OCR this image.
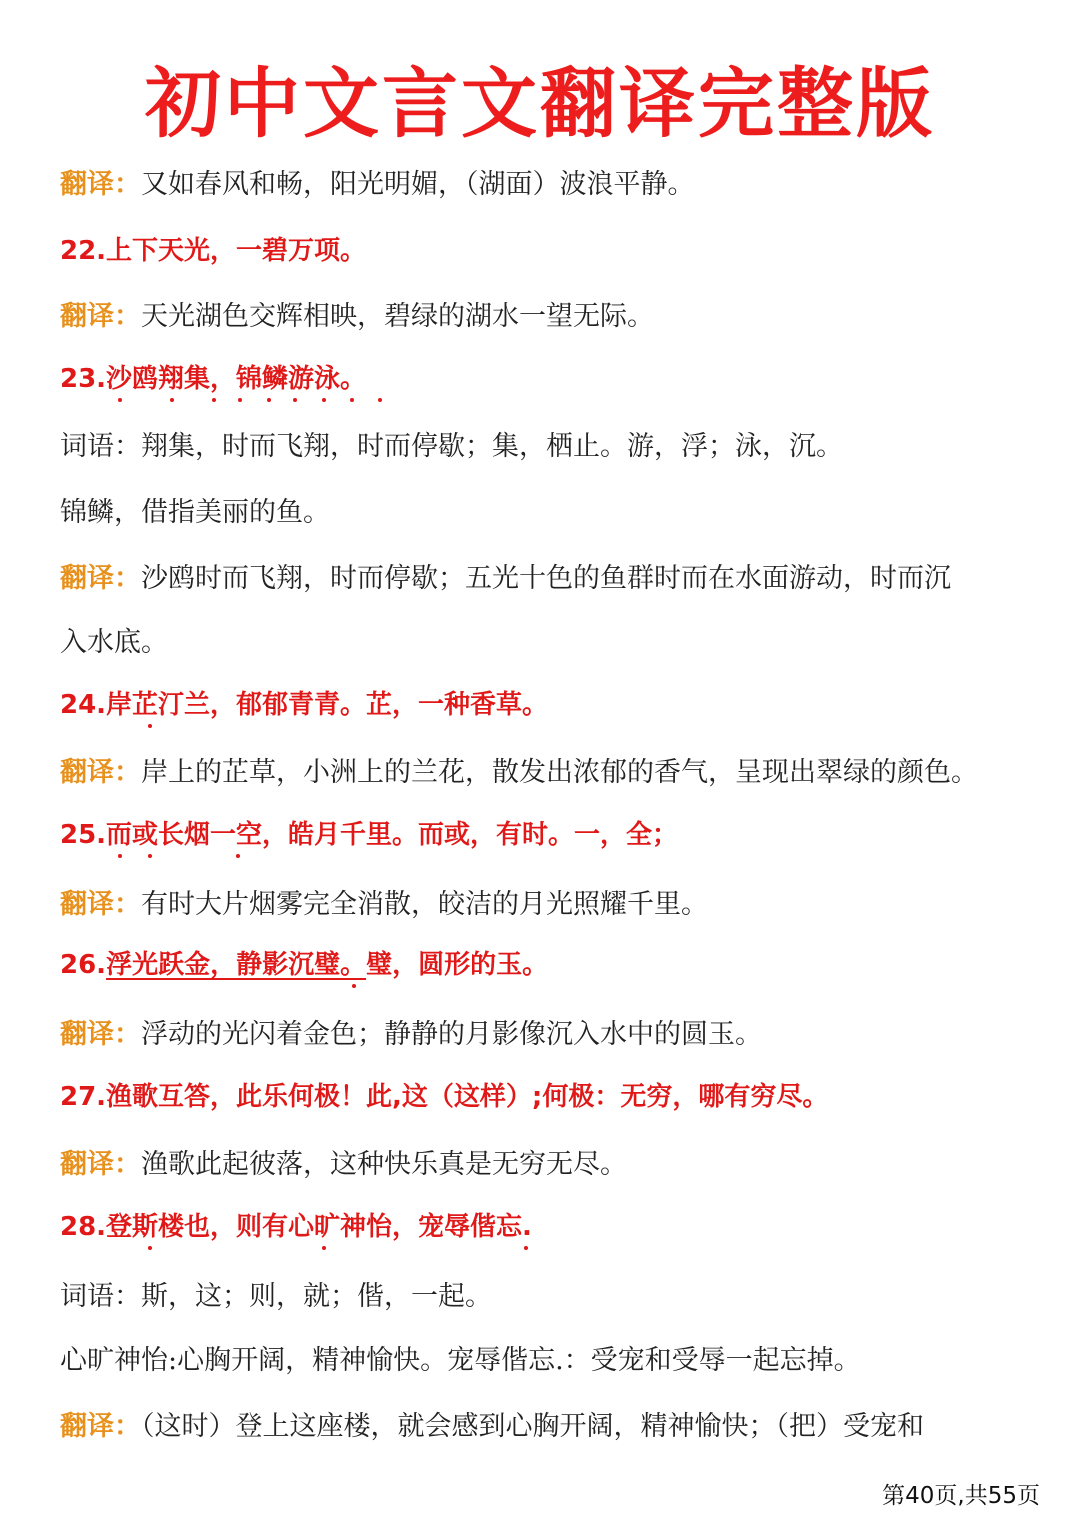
初中文言文翻译完整版
翻译：又如春风和畅，阳光明媚，（湖面）波浪平静。
22.上下天光，一碧万项。
翻译：天光湖色交辉相映，碧绿的湖水一望无际。
23.沙鸥翔集，锦鳞游泳。
词语：翔集，时而飞翔，时而停歇；集，栖止。游，浮；泳，沉。
锦鳞，借指美丽的鱼。
翻译：沙鸥时而飞翔，时而停歇；五光十色的鱼群时而在水面游动，时而沉
入水底。
24.岸芷汀兰，郁郁青青。芷，一种香草。
翻译：岸上的芷草，小洲上的兰花，散发出浓郁的香气，呈现出翠绿的颜色。
25.而或长烟一空，皓月千里。而或，有时。一，全；
翻译：有时大片烟雾完全消散，皎洁的月光照耀千里。
26.浮光跃金，静影沉璧。璧，圆形的玉。
翻译：浮动的光闪着金色；静静的月影像沉入水中的圆玉。
27.渔歌互答，此乐何极！此,这（这样）;何极：无穷，哪有穷尽。
翻译：渔歌此起彼落，这种快乐真是无穷无尽。
28.登斯楼也，则有心旷神怡，宠辱偕忘.
词语：斯，这；则，就；偕，一起。
心旷神怡:心胸开阔，精神愉快。宠辱偕忘.：受宠和受辱一起忘掉。
翻译：（这时）登上这座楼，就会感到心胸开阔，精神愉快；（把）受宠和
第40页,共55页
